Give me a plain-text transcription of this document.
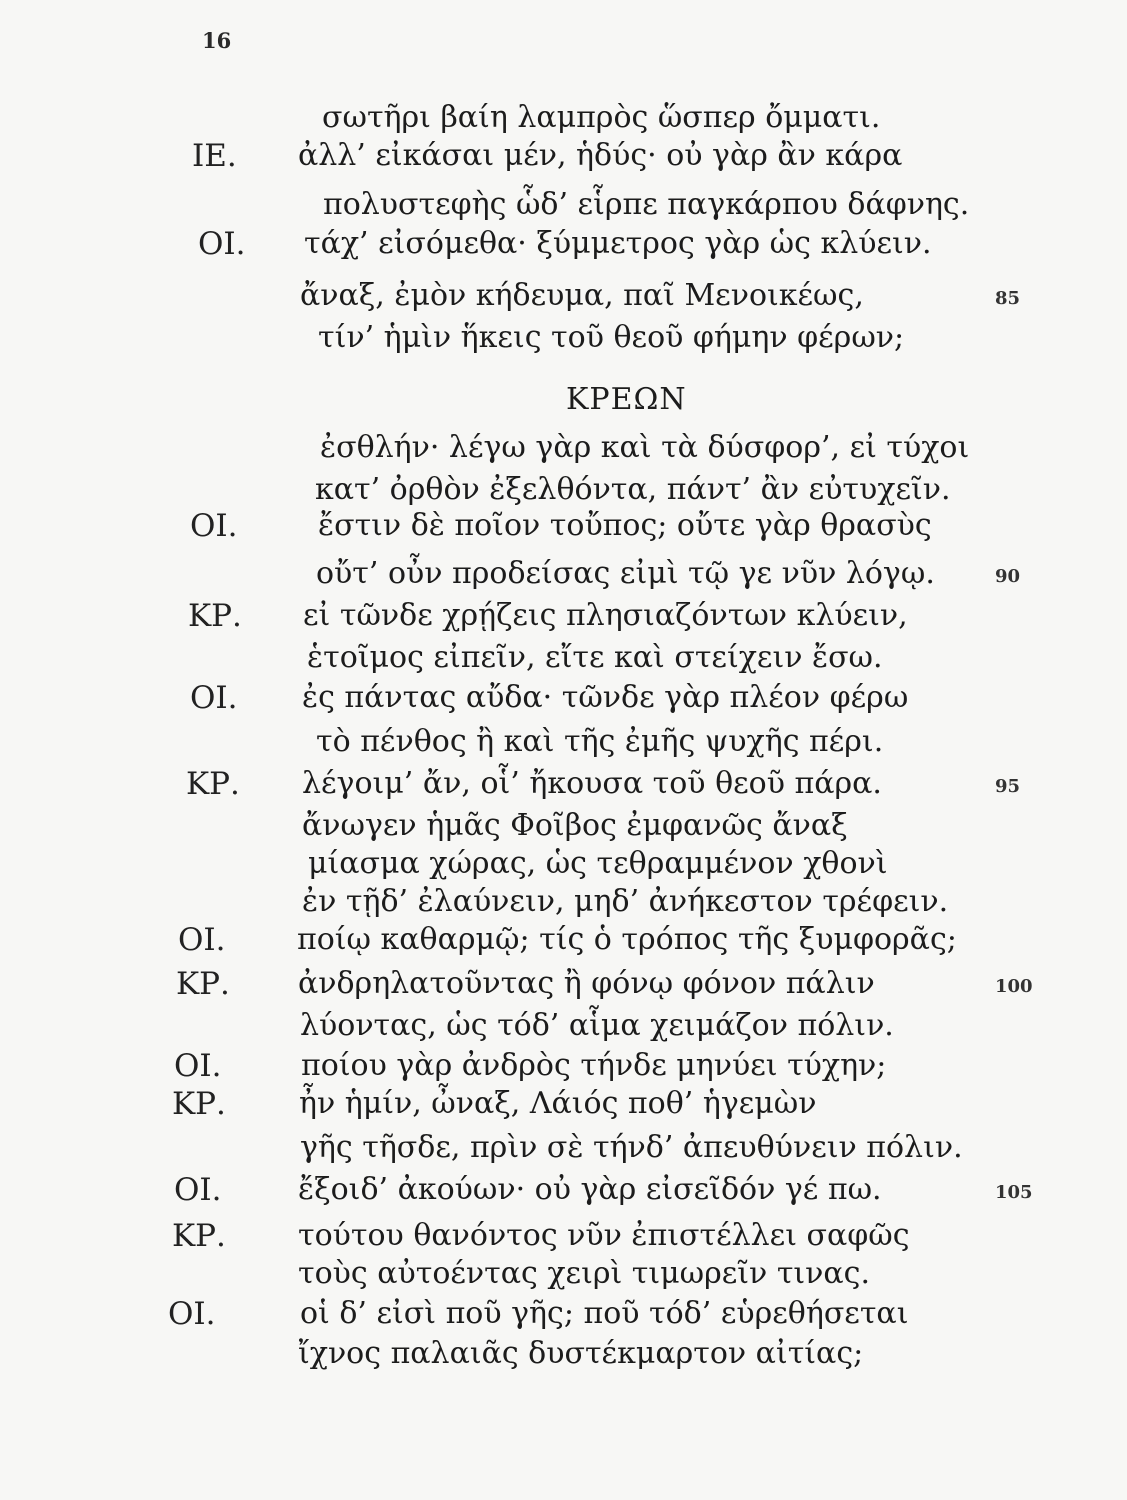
16
ΚΡΕΩΝ
σωτῆρι βαίη λαμπρὸς ὥσπερ ὄμματι.
ΙΕ. ἀλλ’ εἰκάσαι μέν, ἡδύς· οὐ γὰρ ἂν κάρα
πολυστεφὴς ὧδ’ εἷρπε παγκάρπου δάφνης.
ΟΙ. τάχ’ εἰσόμεθα· ξύμμετρος γὰρ ὡς κλύειν.
ἄναξ, ἐμὸν κήδευμα, παῖ Μενοικέως,	85
τίν’ ἡμὶν ἥκεις τοῦ θεοῦ φήμην φέρων;
ἐσθλήν· λέγω γὰρ καὶ τὰ δύσφορ’, εἰ τύχοι
κατ’ ὀρθὸν ἐξελθόντα, πάντ’ ἂν εὐτυχεῖν.
ΟΙ.	ἔστιν δὲ ποῖον τοὔπος; οὔτε γὰρ θρασὺς
οὔτ’ οὖν προδείσας εἰμὶ τῷ γε νῦν λόγῳ.	90
ΚΡ. εἰ τῶνδε χρῄζεις πλησιαζόντων κλύειν,
ἑτοῖμος εἰπεῖν, εἴτε καὶ στείχειν ἔσω.
ΟΙ. ἐς πάντας αὔδα· τῶνδε γὰρ πλέον φέρω
τὸ πένθος ἢ καὶ τῆς ἐμῆς ψυχῆς πέρι.
ΚΡ. λέγοιμ’ ἄν, οἷ’ ἤκουσα τοῦ θεοῦ πάρα.	95
ἄνωγεν ἡμᾶς Φοῖβος ἐμφανῶς ἄναξ
μίασμα χώρας, ὡς τεθραμμένον χθονὶ
ἐν τῇδ’ ἐλαύνειν, μηδ’ ἀνήκεστον τρέφειν.
ΟΙ. ποίῳ καθαρμῷ; τίς ὁ τρόπος τῆς ξυμφορᾶς;
ΚΡ. ἀνδρηλατοῦντας ἢ φόνῳ φόνον πάλιν	100
λύοντας, ὡς τόδ’ αἷμα χειμάζον πόλιν.
ΟΙ.	ποίου γὰρ ἀνδρὸς τήνδε μηνύει τύχην;
ΚΡ. ἦν ἡμίν, ὦναξ, Λάιός ποθ’ ἡγεμὼν
γῆς τῆσδε, πρὶν σὲ τήνδ’ ἀπευθύνειν πόλιν.
ΟΙ.	ἔξοιδ’ ἀκούων· οὐ γὰρ εἰσεῖδόν γέ πω.	105
ΚΡ. τούτου θανόντος νῦν ἐπιστέλλει σαφῶς
τοὺς αὐτοέντας χειρὶ τιμωρεῖν τινας.
ΟΙ.	οἱ δ’ εἰσὶ ποῦ γῆς; ποῦ τόδ’ εὑρεθήσεται
ἴχνος παλαιᾶς δυστέκμαρτον αἰτίας;
